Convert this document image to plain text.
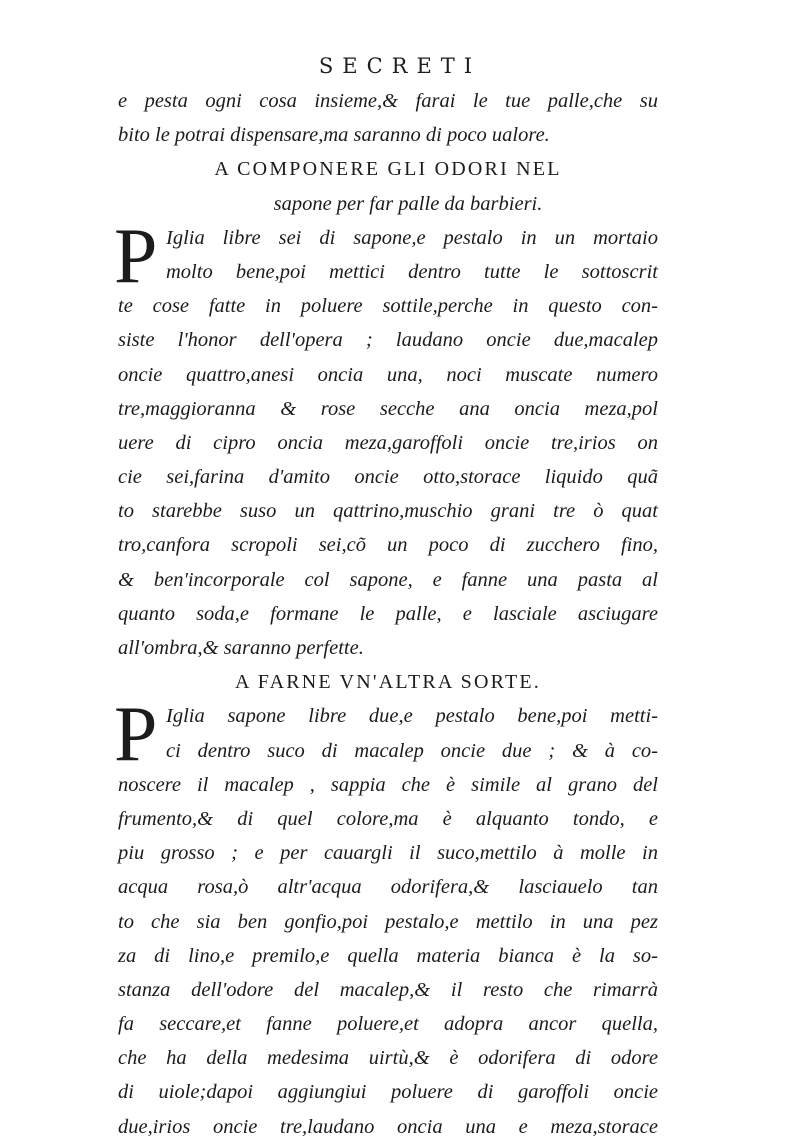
SECRETI
e pesta ogni cosa insieme,& farai le tue palle,che su
bito le potrai dispensare,ma saranno di poco ualore.
A COMPONERE GLI ODORI NEL
sapone per far palle da barbieri.
P Iglia libre sei di sapone,e pestalo in un mortaio
molto bene,poi mettici dentro tutte le sottoscrit
te cose fatte in poluere sottile,perche in questo con-
siste l'honor dell'opera ; laudano oncie due,macalep
oncie quattro,anesi oncia una, noci muscate numero
tre,maggioranna & rose secche ana oncia meza,pol
uere di cipro oncia meza,garoffoli oncie tre,irios on
cie sei,farina d'amito oncie otto,storace liquido quã
to starebbe suso un qattrino,muschio grani tre ò quat
tro,canfora scropoli sei,cõ un poco di zucchero fino,
& ben'incorporale col sapone, e fanne una pasta al
quanto soda,e formane le palle, e lasciale asciugare
all'ombra,& saranno perfette.
A FARNE VN'ALTRA SORTE.
P Iglia sapone libre due,e pestalo bene,poi metti-
ci dentro suco di macalep oncie due ; & à co-
noscere il macalep , sappia che è simile al grano del
frumento,& di quel colore,ma è alquanto tondo, e
piu grosso ; e per cauargli il suco,mettilo à molle in
acqua rosa,ò altr'acqua odorifera,& lasciauelo tan
to che sia ben gonfio,poi pestalo,e mettilo in una pez
za di lino,e premilo,e quella materia bianca è la so-
stanza dell'odore del macalep,& il resto che rimarrà
fa seccare,et fanne poluere,et adopra ancor quella,
che ha della medesima uirtù,& è odorifera di odore
di uiole;dapoi aggiungiui poluere di garoffoli oncie
due,irios oncie tre,laudano oncia una e meza,storace
